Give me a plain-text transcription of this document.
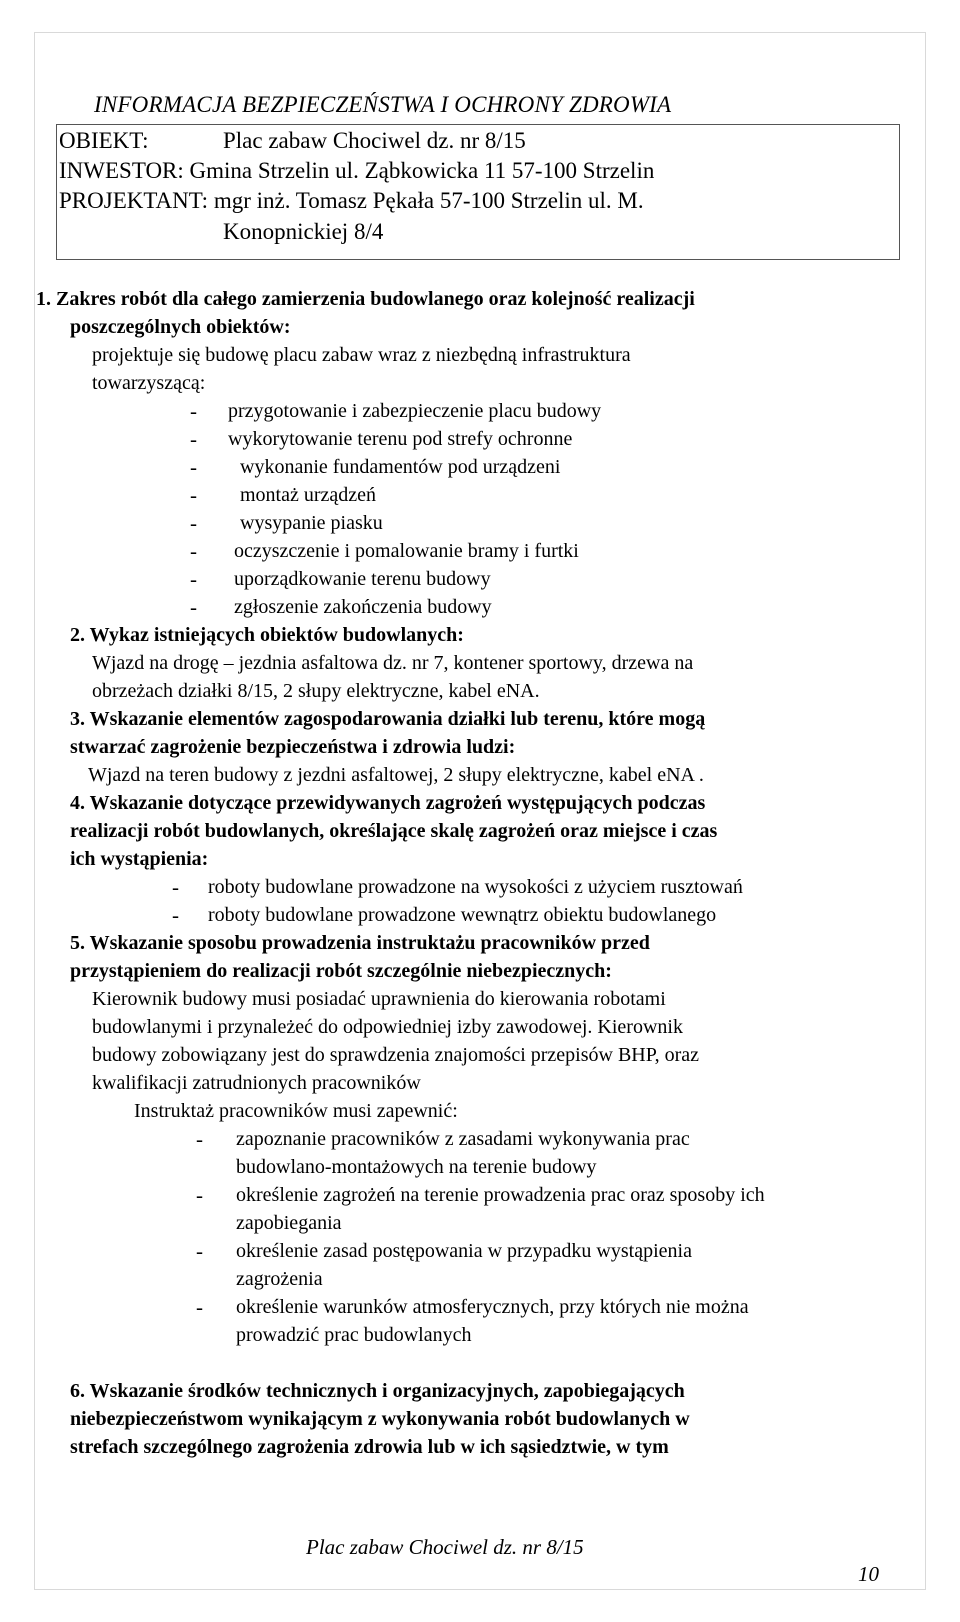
INFORMACJA BEZPIECZEŃSTWA I OCHRONY ZDROWIA
OBIEKT:	Plac zabaw Chociwel dz. nr 8/15
INWESTOR: Gmina Strzelin ul. Ząbkowicka 11 57-100 Strzelin
PROJEKTANT: mgr inż. Tomasz Pękała 57-100 Strzelin ul. M.
Konopnickiej 8/4
1. Zakres robót dla całego zamierzenia budowlanego oraz kolejność realizacji
poszczególnych obiektów:
projektuje się budowę placu zabaw wraz z niezbędną infrastruktura
towarzyszącą:
- przygotowanie i zabezpieczenie placu budowy
- wykorytowanie terenu pod strefy ochronne
- wykonanie fundamentów pod urządzeni
- montaż urządzeń
- wysypanie piasku
- oczyszczenie i pomalowanie bramy i furtki
- uporządkowanie terenu budowy
- zgłoszenie zakończenia budowy
2. Wykaz istniejących obiektów budowlanych:
Wjazd na drogę – jezdnia asfaltowa dz. nr 7, kontener sportowy, drzewa na
obrzeżach działki 8/15, 2 słupy elektryczne, kabel eNA.
3. Wskazanie elementów zagospodarowania działki lub terenu, które mogą
stwarzać zagrożenie bezpieczeństwa i zdrowia ludzi:
Wjazd na teren budowy z jezdni asfaltowej, 2 słupy elektryczne, kabel eNA .
4. Wskazanie dotyczące przewidywanych zagrożeń występujących podczas
realizacji robót budowlanych, określające skalę zagrożeń oraz miejsce i czas
ich wystąpienia:
- roboty budowlane prowadzone na wysokości z użyciem rusztowań
- roboty budowlane prowadzone wewnątrz obiektu budowlanego
5. Wskazanie sposobu prowadzenia instruktażu pracowników przed
przystąpieniem do realizacji robót szczególnie niebezpiecznych:
Kierownik budowy musi posiadać uprawnienia do kierowania robotami
budowlanymi i przynależeć do odpowiedniej izby zawodowej. Kierownik
budowy zobowiązany jest do sprawdzenia znajomości przepisów BHP, oraz
kwalifikacji zatrudnionych pracowników
Instruktaż pracowników musi zapewnić:
- zapoznanie pracowników z zasadami wykonywania prac
budowlano-montażowych na terenie budowy
- określenie zagrożeń na terenie prowadzenia prac oraz sposoby ich
zapobiegania
- określenie zasad postępowania w przypadku wystąpienia
zagrożenia
- określenie warunków atmosferycznych, przy których nie można
prowadzić prac budowlanych
6. Wskazanie środków technicznych i organizacyjnych, zapobiegających
niebezpieczeństwom wynikającym z wykonywania robót budowlanych w
strefach szczególnego zagrożenia zdrowia lub w ich sąsiedztwie, w tym
Plac zabaw Chociwel dz. nr 8/15
10
